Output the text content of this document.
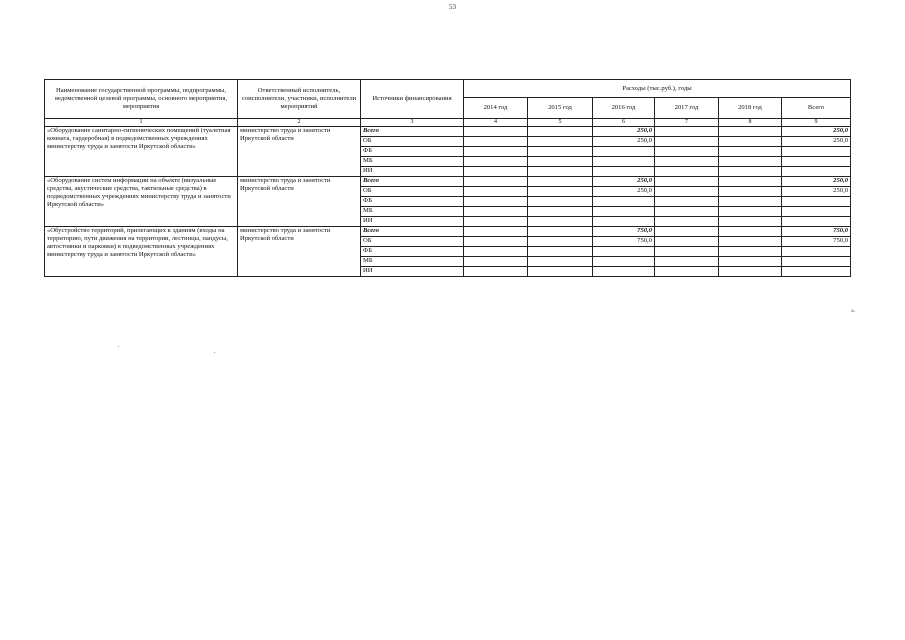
53
Наименование государственной программы, подпрограммы, ведомственной целевой программы, основного мероприятия, мероприятия	Ответственный исполнитель, соисполнители, участники, исполнители мероприятий	Источники финансирования	Расходы (тыс.руб.), годы					
			2014 год	2015 год	2016 год	2017 год	2018 год	Всего
1	2	3	4	5	6	7	8	9
«Оборудование санитарно-гигиенических помещений (туалетная комната, гардеробная) в подведомственных учреждениях министерству труда и занятости Иркутской области»	министерство труда и занятости Иркутской области	Всего			250,0			250,0
		ОБ			250,0			250,0
		ФБ						
		МБ						
		ИИ						
«Оборудование систем информации на объекте (визуальные средства, акустические средства, тактильные средства) в подведомственных учреждениях министерству труда и занятости Иркутской области»	министерство труда и занятости Иркутской области	Всего			250,0			250,0
		ОБ			250,0			250,0
		ФБ						
		МБ						
		ИИ						
«Обустройство территорий, прилегающих к зданиям (входы на территорию, пути движения на территории, лестницы, пандусы, автостоянки и парковки) в подведомственных учреждениях министерству труда и занятости Иркутской области»	министерство труда и занятости Иркутской области	Всего			750,0			750,0
		ОБ			750,0			750,0
		ФБ						
		МБ						
		ИИ						
».
